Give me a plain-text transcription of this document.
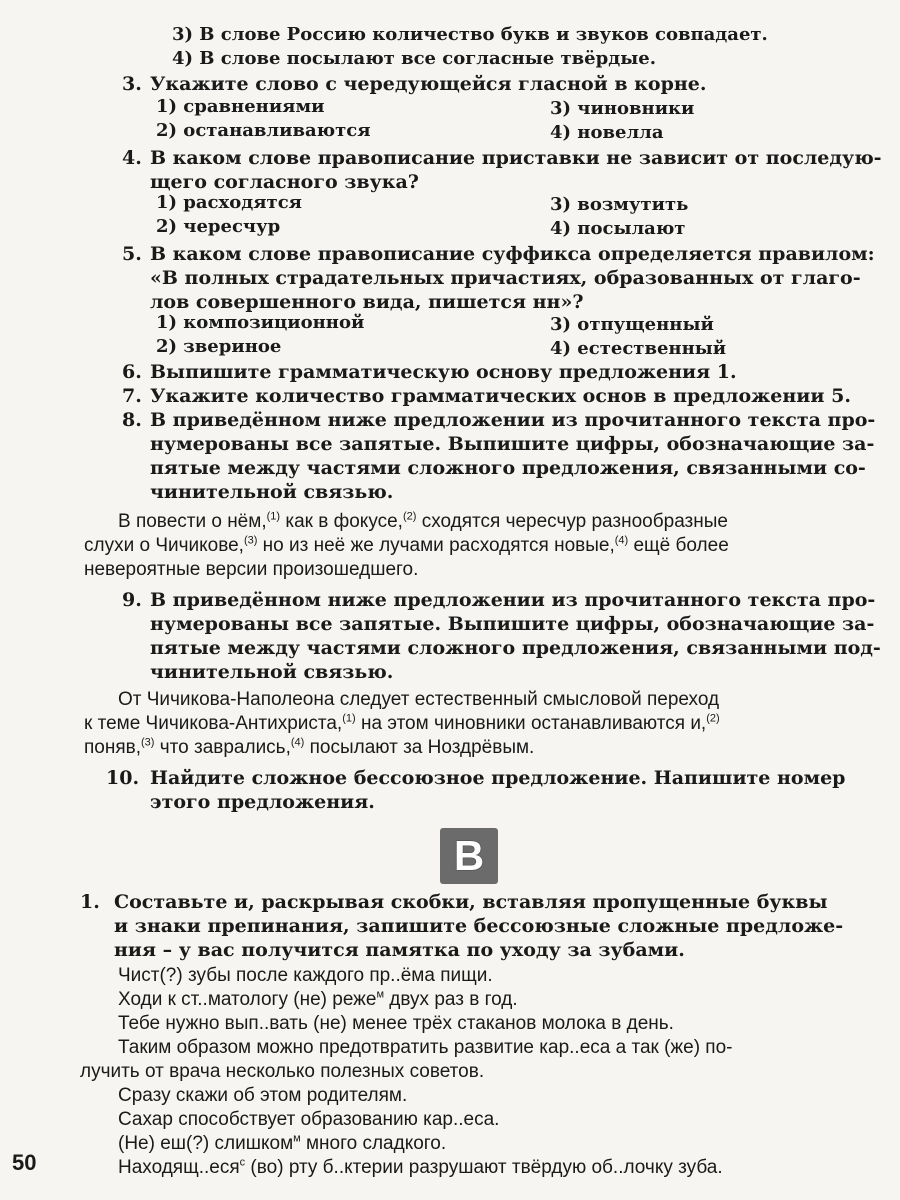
3) В слове Россию количество букв и звуков совпадает.
4) В слове посылают все согласные твёрдые.
3. Укажите слово с чередующейся гласной в корне.
1) сравнениями
2) останавливаются
3) чиновники
4) новелла
4. В каком слове правописание приставки не зависит от последую-
щего согласного звука?
1) расходятся
2) чересчур
3) возмутить
4) посылают
5. В каком слове правописание суффикса определяется правилом:
«В полных страдательных причастиях, образованных от глаго-
лов совершенного вида, пишется нн»?
1) композиционной
2) звериное
3) отпущенный
4) естественный
6. Выпишите грамматическую основу предложения 1.
7. Укажите количество грамматических основ в предложении 5.
8. В приведённом ниже предложении из прочитанного текста про-
нумерованы все запятые. Выпишите цифры, обозначающие за-
пятые между частями сложного предложения, связанными со-
чинительной связью.
В повести о нём,$^{(1)}$ как в фокусе,$^{(2)}$ сходятся чересчур разнообразные
слухи о Чичикове,$^{(3)}$ но из неё же лучами расходятся новые,$^{(4)}$ ещё более
невероятные версии произошедшего.
9. В приведённом ниже предложении из прочитанного текста про-
нумерованы все запятые. Выпишите цифры, обозначающие за-
пятые между частями сложного предложения, связанными под-
чинительной связью.
От Чичикова-Наполеона следует естественный смысловой переход
к теме Чичикова-Антихриста,$^{(1)}$ на этом чиновники останавливаются и,$^{(2)}$
поняв,$^{(3)}$ что заврались,$^{(4)}$ посылают за Ноздрёвым.
10. Найдите сложное бессоюзное предложение. Напишите номер
этого предложения.
В
1. Составьте и, раскрывая скобки, вставляя пропущенные буквы
и знаки препинания, запишите бессоюзные сложные предложе-
ния – у вас получится памятка по уходу за зубами.
Чист(?) зубы после каждого пр..ёма пищи.
Ходи к ст..матологу (не) реже$^м$ двух раз в год.
Тебе нужно вып..вать (не) менее трёх стаканов молока в день.
Таким образом можно предотвратить развитие кар..еса а так (же) по-
лучить от врача несколько полезных советов.
Сразу скажи об этом родителям.
Сахар способствует образованию кар..еса.
(Не) еш(?) слишком$^м$ много сладкого.
Находящ..еся$^с$ (во) рту б..ктерии разрушают твёрдую об..лочку зуба.
50
